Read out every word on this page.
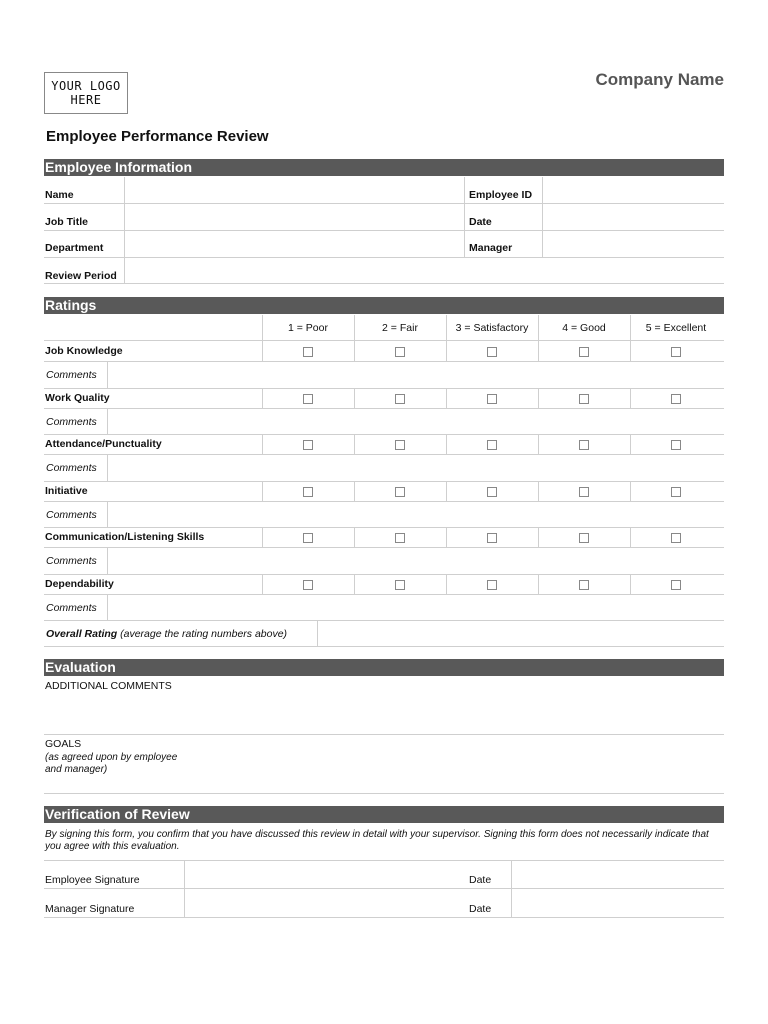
YOUR LOGO
HERE
Company Name
Employee Performance Review
Employee Information
Name	Employee ID
Job Title	Date
Department	Manager
Review Period
Ratings
1 = Poor	2 = Fair	3 = Satisfactory	4 = Good	5 = Excellent
Job Knowledge
Comments
Work Quality
Comments
Attendance/Punctuality
Comments
Initiative
Comments
Communication/Listening Skills
Comments
Dependability
Comments
Overall Rating (average the rating numbers above)
Evaluation
ADDITIONAL COMMENTS
GOALS
(as agreed upon by employee
and manager)
Verification of Review
By signing this form, you confirm that you have discussed this review in detail with your supervisor. Signing this form does not necessarily indicate that
you agree with this evaluation.
Employee Signature	Date
Manager Signature	Date
